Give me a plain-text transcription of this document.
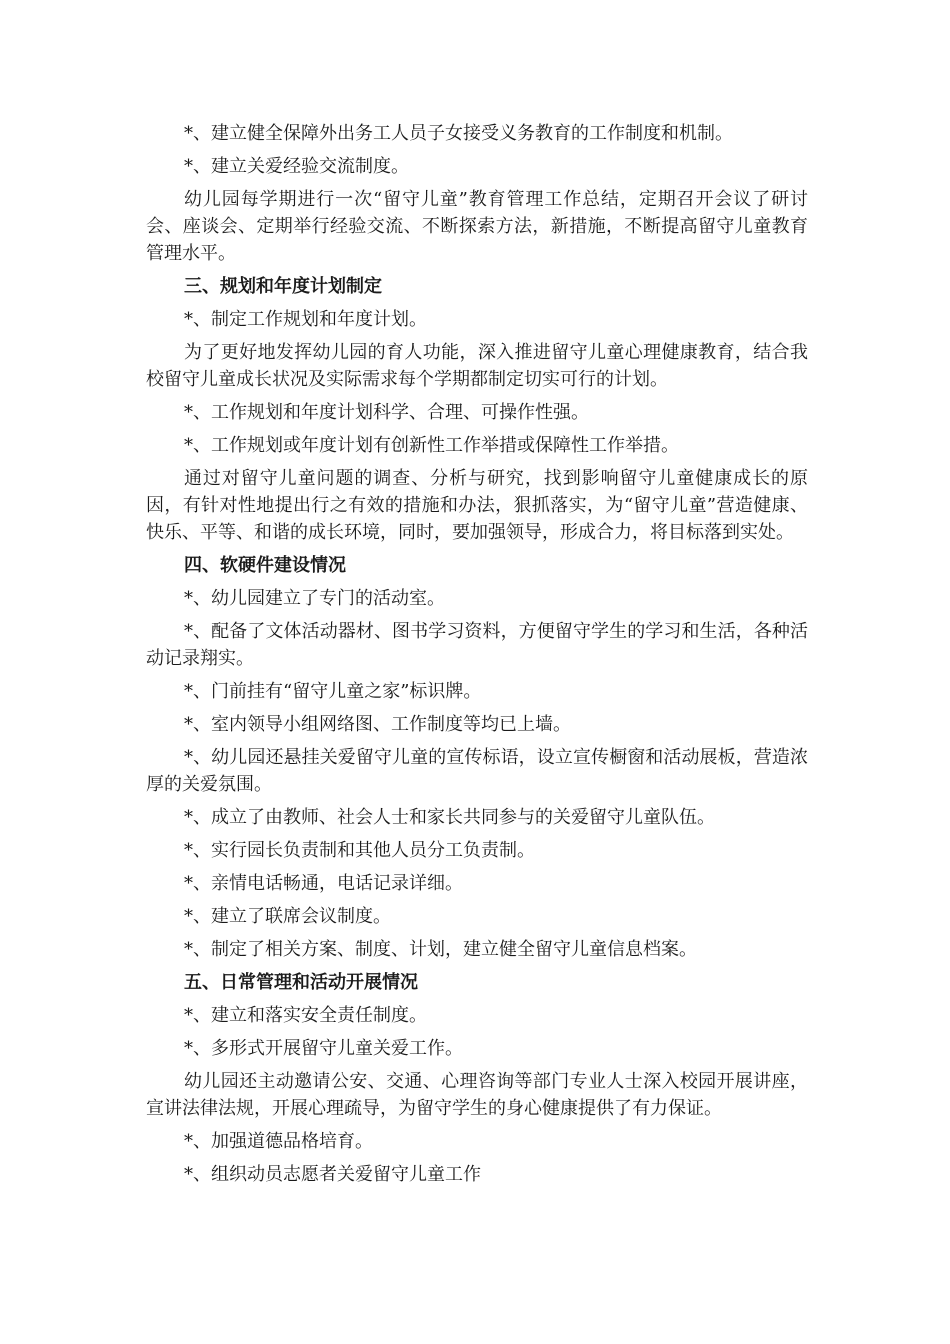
*、建立健全保障外出务工人员子女接受义务教育的工作制度和机制。

*、建立关爱经验交流制度。

幼儿园每学期进行一次“留守儿童”教育管理工作总结，定期召开会议了研讨会、座谈会、定期举行经验交流、不断探索方法，新措施，不断提高留守儿童教育管理水平。

三、规划和年度计划制定

*、制定工作规划和年度计划。

为了更好地发挥幼儿园的育人功能，深入推进留守儿童心理健康教育，结合我校留守儿童成长状况及实际需求每个学期都制定切实可行的计划。

*、工作规划和年度计划科学、合理、可操作性强。

*、工作规划或年度计划有创新性工作举措或保障性工作举措。

通过对留守儿童问题的调查、分析与研究，找到影响留守儿童健康成长的原因，有针对性地提出行之有效的措施和办法，狠抓落实，为“留守儿童”营造健康、快乐、平等、和谐的成长环境，同时，要加强领导，形成合力，将目标落到实处。

四、软硬件建设情况

*、幼儿园建立了专门的活动室。

*、配备了文体活动器材、图书学习资料，方便留守学生的学习和生活，各种活动记录翔实。

*、门前挂有“留守儿童之家”标识牌。

*、室内领导小组网络图、工作制度等均已上墙。

*、幼儿园还悬挂关爱留守儿童的宣传标语，设立宣传橱窗和活动展板，营造浓厚的关爱氛围。

*、成立了由教师、社会人士和家长共同参与的关爱留守儿童队伍。

*、实行园长负责制和其他人员分工负责制。

*、亲情电话畅通，电话记录详细。

*、建立了联席会议制度。

*、制定了相关方案、制度、计划，建立健全留守儿童信息档案。

五、日常管理和活动开展情况

*、建立和落实安全责任制度。

*、多形式开展留守儿童关爱工作。

幼儿园还主动邀请公安、交通、心理咨询等部门专业人士深入校园开展讲座，宣讲法律法规，开展心理疏导，为留守学生的身心健康提供了有力保证。

*、加强道德品格培育。

*、组织动员志愿者关爱留守儿童工作
